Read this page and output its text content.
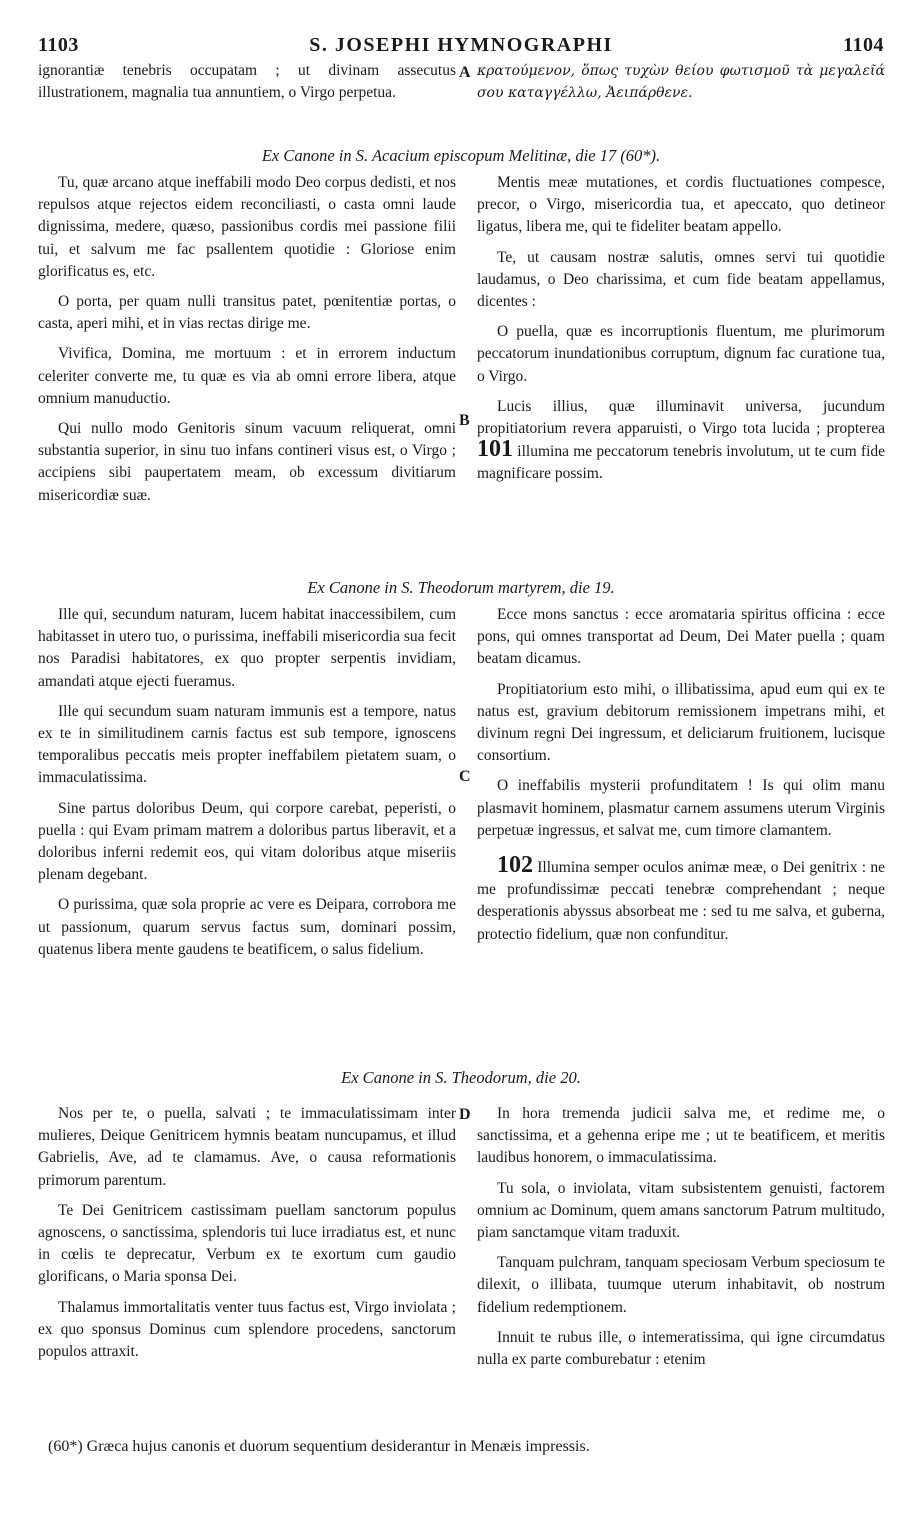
1103	S. JOSEPHI HYMNOGRAPHI	1104

ignorantiæ tenebris occupatam ; ut divinam assecutus illustrationem, magnalia tua annuntiem, o Virgo perpetua.

A κρατούμενον, ὅπως τυχὼν θείου φωτισμοῦ τὰ μεγαλεῖά σου καταγγέλλω, Ἀειπάρθενε.

Ex Canone in S. Acacium episcopum Melitinæ, die 17 (60*).

Tu, quæ arcano atque ineffabili modo Deo corpus dedisti, et nos repulsos atque rejectos eidem reconciliasti, o casta omni laude dignissima, medere, quæso, passionibus cordis mei passione filii tui, et salvum me fac psallentem quotidie : Gloriose enim glorificatus es, etc.

O porta, per quam nulli transitus patet, pœnitentiæ portas, o casta, aperi mihi, et in vias rectas dirige me.

Vivifica, Domina, me mortuum : et in errorem inductum celeriter converte me, tu quæ es via ab omni errore libera, atque omnium manuductio.

Qui nullo modo Genitoris sinum vacuum reliquerat, omni substantia superior, in sinu tuo infans contineri visus est, o Virgo ; accipiens sibi paupertatem meam, ob excessum divitiarum misericordiæ suæ.

B

Mentis meæ mutationes, et cordis fluctuationes compesce, precor, o Virgo, misericordia tua, et apeccato, quo detineor ligatus, libera me, qui te fideliter beatam appello.

Te, ut causam nostræ salutis, omnes servi tui quotidie laudamus, o Deo charissima, et cum fide beatam appellamus, dicentes :

O puella, quæ es incorruptionis fluentum, me plurimorum peccatorum inundationibus corruptum, dignum fac curatione tua, o Virgo.

Lucis illius, quæ illuminavit universa, jucundum propitiatorium revera apparuisti, o Virgo tota lucida ; propterea 101 illumina me peccatorum tenebris involutum, ut te cum fide magnificare possim.

Ex Canone in S. Theodorum martyrem, die 19.

Ille qui, secundum naturam, lucem habitat inaccessibilem, cum habitasset in utero tuo, o purissima, ineffabili misericordia sua fecit nos Paradisi habitatores, ex quo propter serpentis invidiam, amandati atque ejecti fueramus.

Ille qui secundum suam naturam immunis est a tempore, natus ex te in similitudinem carnis factus est sub tempore, ignoscens temporalibus peccatis meis propter ineffabilem pietatem suam, o immaculatissima.

Sine partus doloribus Deum, qui corpore carebat, peperisti, o puella : qui Evam primam matrem a doloribus partus liberavit, et a doloribus inferni redemit eos, qui vitam doloribus atque miseriis plenam degebant.

O purissima, quæ sola proprie ac vere es Deipara, corrobora me ut passionum, quarum servus factus sum, dominari possim, quatenus libera mente gaudens te beatificem, o salus fidelium.

C

Ecce mons sanctus : ecce aromataria spiritus officina : ecce pons, qui omnes transportat ad Deum, Dei Mater puella ; quam beatam dicamus.

Propitiatorium esto mihi, o illibatissima, apud eum qui ex te natus est, gravium debitorum remissionem impetrans mihi, et divinum regni Dei ingressum, et deliciarum fruitionem, lucisque consortium.

O ineffabilis mysterii profunditatem ! Is qui olim manu plasmavit hominem, plasmatur carnem assumens uterum Virginis perpetuæ ingressus, et salvat me, cum timore clamantem.

102 Illumina semper oculos animæ meæ, o Dei genitrix : ne me profundissimæ peccati tenebræ comprehendant ; neque desperationis abyssus absorbeat me : sed tu me salva, et guberna, protectio fidelium, quæ non confunditur.

Ex Canone in S. Theodorum, die 20.

Nos per te, o puella, salvati ; te immaculatissimam inter mulieres, Deique Genitricem hymnis beatam nuncupamus, et illud Gabrielis, Ave, ad te clamamus. Ave, o causa reformationis primorum parentum.

Te Dei Genitricem castissimam puellam sanctorum populus agnoscens, o sanctissima, splendoris tui luce irradiatus est, et nunc in cœlis te deprecatur, Verbum ex te exortum cum gaudio glorificans, o Maria sponsa Dei.

Thalamus immortalitatis venter tuus factus est, Virgo inviolata ; ex quo sponsus Dominus cum splendore procedens, sanctorum populos attraxit.

D	In hora tremenda judicii salva me, et redime me, o sanctissima, et a gehenna eripe me ; ut te beatificem, et meritis laudibus honorem, o immaculatissima.

Tu sola, o inviolata, vitam subsistentem genuisti, factorem omnium ac Dominum, quem amans sanctorum Patrum multitudo, piam sanctamque vitam traduxit.

Tanquam pulchram, tanquam speciosam Verbum speciosum te dilexit, o illibata, tuumque uterum inhabitavit, ob nostrum fidelium redemptionem.

Innuit te rubus ille, o intemeratissima, qui igne circumdatus nulla ex parte comburebatur : etenim

(60*) Græca hujus canonis et duorum sequentium desiderantur in Menæis impressis.
